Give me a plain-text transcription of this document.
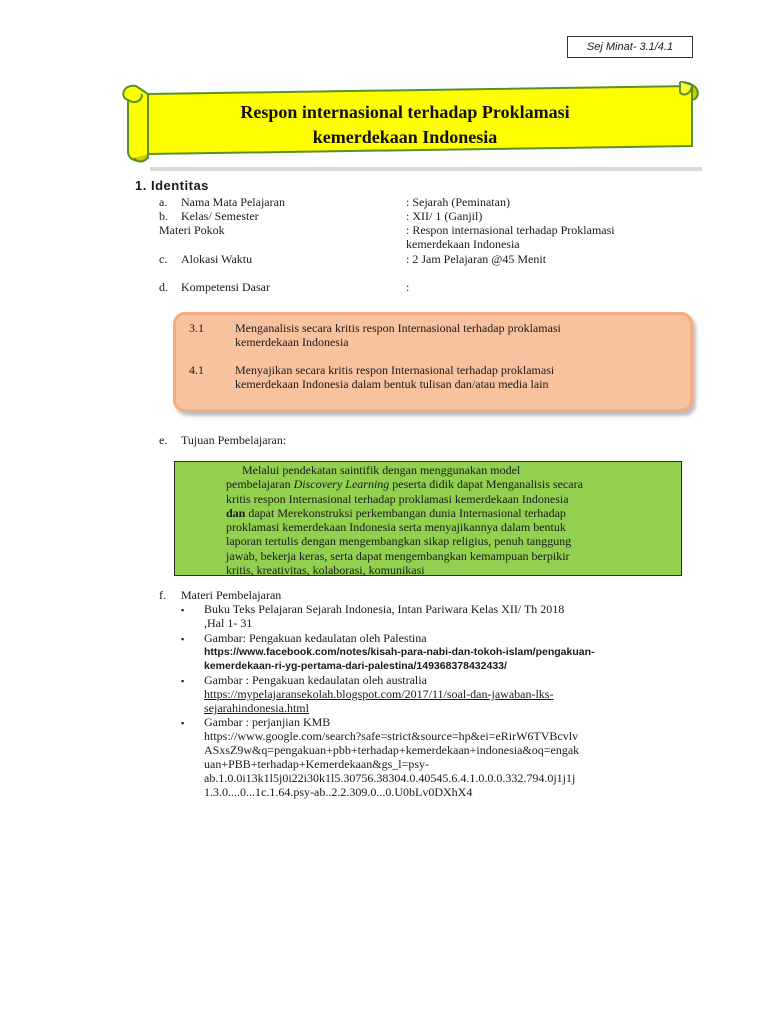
Sej Minat- 3.1/4.1
Respon internasional terhadap Proklamasi
kemerdekaan Indonesia
1. Identitas
a.	Nama Mata Pelajaran	: Sejarah (Peminatan)
b.	Kelas/ Semester	: XII/ 1 (Ganjil)
Materi Pokok	: Respon internasional terhadap Proklamasi
kemerdekaan Indonesia
c.	Alokasi Waktu	: 2 Jam Pelajaran @45 Menit
d.	Kompetensi Dasar	:
3.1	Menganalisis secara kritis respon Internasional terhadap proklamasi
kemerdekaan Indonesia
4.1	Menyajikan secara kritis respon Internasional terhadap proklamasi
kemerdekaan Indonesia dalam bentuk tulisan dan/atau media lain
e.	Tujuan Pembelajaran:
Melalui pendekatan saintifik dengan menggunakan model
pembelajaran Discovery Learning peserta didik dapat Menganalisis secara
kritis respon Internasional terhadap proklamasi kemerdekaan Indonesia
dan dapat Merekonstruksi perkembangan dunia Internasional terhadap
proklamasi kemerdekaan Indonesia serta menyajikannya dalam bentuk
laporan tertulis dengan mengembangkan sikap religius, penuh tanggung
jawab, bekerja keras, serta dapat mengembangkan kemampuan berpikir
kritis, kreativitas, kolaborasi, komunikasi
f.	Materi Pembelajaran
▪ Buku Teks Pelajaran Sejarah Indonesia, Intan Pariwara Kelas XII/ Th 2018
,Hal 1- 31
▪ Gambar: Pengakuan kedaulatan oleh Palestina
https://www.facebook.com/notes/kisah-para-nabi-dan-tokoh-islam/pengakuan-
kemerdekaan-ri-yg-pertama-dari-palestina/149368378432433/
▪ Gambar : Pengakuan kedaulatan oleh australia
https://mypelajaransekolah.blogspot.com/2017/11/soal-dan-jawaban-lks-
sejarahindonesia.html
▪ Gambar : perjanjian KMB
https://www.google.com/search?safe=strict&source=hp&ei=eRirW6TVBcvlv
ASxsZ9w&q=pengakuan+pbb+terhadap+kemerdekaan+indonesia&oq=engak
uan+PBB+terhadap+Kemerdekaan&gs_l=psy-
ab.1.0.0i13k1l5j0i22i30k1l5.30756.38304.0.40545.6.4.1.0.0.0.332.794.0j1j1j
1.3.0....0...1c.1.64.psy-ab..2.2.309.0...0.U0bLv0DXhX4
